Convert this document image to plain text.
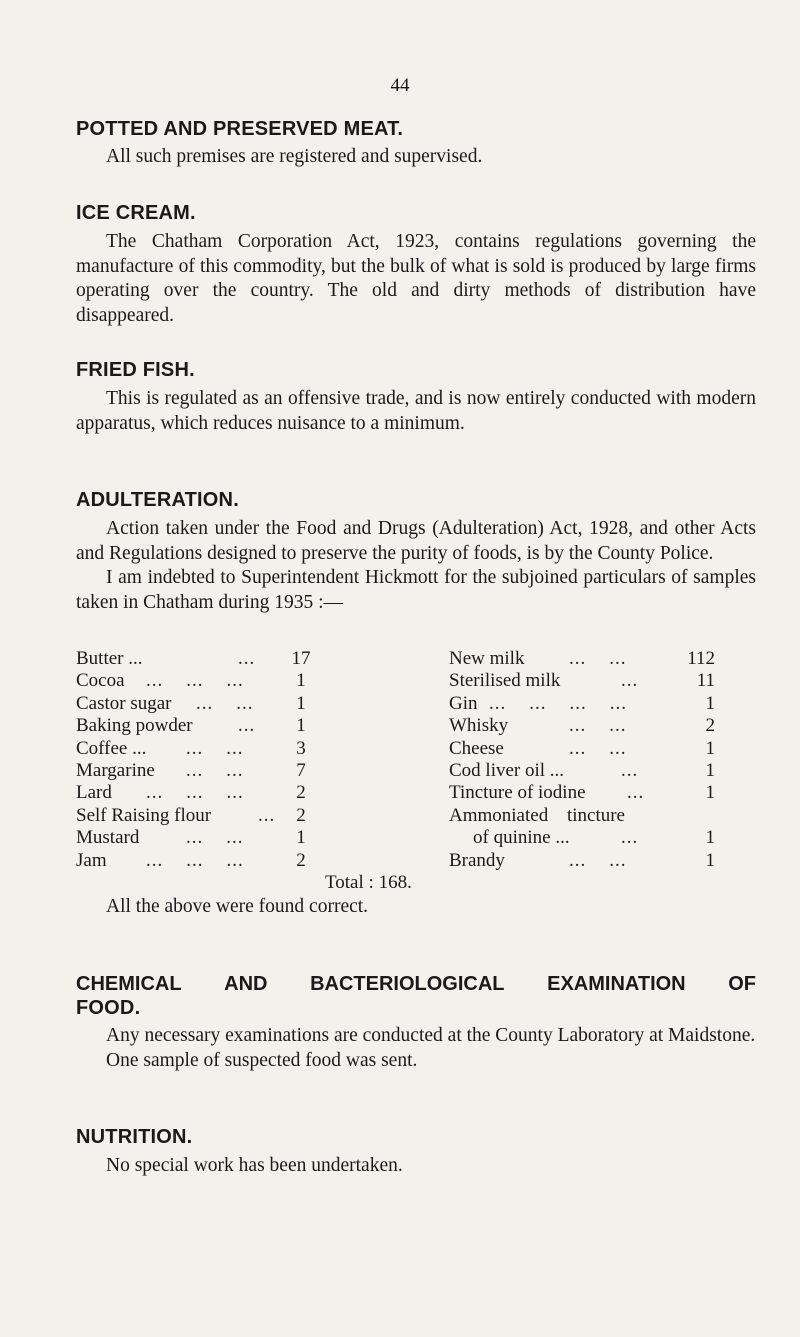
44
POTTED AND PRESERVED MEAT.

All such premises are registered and supervised.

ICE CREAM.

The Chatham Corporation Act, 1923, contains regulations governing the manufacture of this commodity, but the bulk of what is sold is produced by large firms operating over the country. The old and dirty methods of distribution have disappeared.

FRIED FISH.

This is regulated as an offensive trade, and is now entirely conducted with modern apparatus, which reduces nuisance to a minimum.

ADULTERATION.

Action taken under the Food and Drugs (Adulteration) Act, 1928, and other Acts and Regulations designed to preserve the purity of foods, is by the County Police.

I am indebted to Superintendent Hickmott for the subjoined particulars of samples taken in Chatham during 1935 :—

Butter ...	... 17
Cocoa ...    ...    ...	1
Castor sugar ...    ...	1
Baking powder ...	1
Coffee ... ...    ...	3
Margarine ...    ...	7
Lard ...    ...    ...	2
Self Raising flour ...	2
Mustard ...    ...	1
Jam ...    ...    ...	2
New milk ...    ...	112
Sterilised milk	...	11
Gin ...    ...    ...    ...	1
Whisky	...    ...	2
Cheese	...    ...	1
Cod liver oil ...	...	1
Tincture of iodine ...	1
Ammoniated tincture
of quinine ...	...	1
Brandy	...    ...	1
Total : 168.

All the above were found correct.

CHEMICAL AND BACTERIOLOGICAL EXAMINATION OF
FOOD.

Any necessary examinations are conducted at the County Laboratory at Maidstone.

One sample of suspected food was sent.

NUTRITION.

No special work has been undertaken.
